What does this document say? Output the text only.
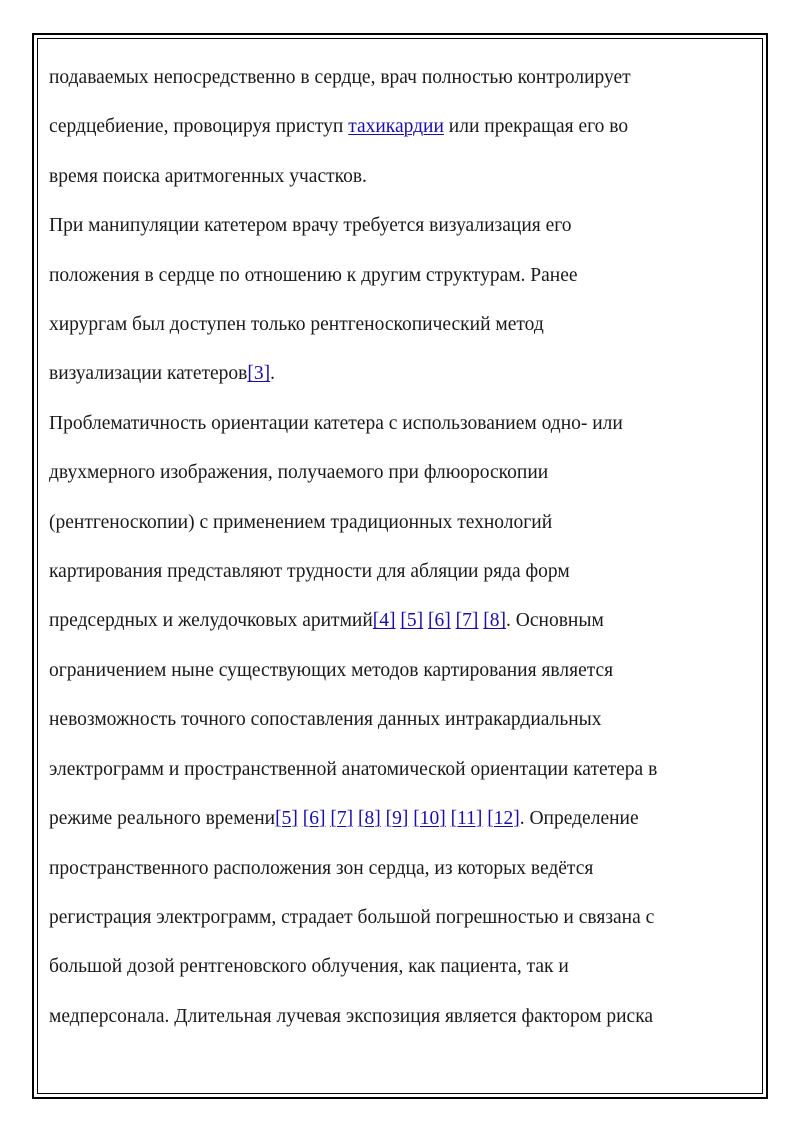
подаваемых непосредственно в сердце, врач полностью контролирует
сердцебиение, провоцируя приступ тахикардии или прекращая его во
время поиска аритмогенных участков.
При манипуляции катетером врачу требуется визуализация его
положения в сердце по отношению к другим структурам. Ранее
хирургам был доступен только рентгеноскопический метод
визуализации катетеров[3].
Проблематичность ориентации катетера с использованием одно- или
двухмерного изображения, получаемого при флюороскопии
(рентгеноскопии) с применением традиционных технологий
картирования представляют трудности для абляции ряда форм
предсердных и желудочковых аритмий[4] [5] [6] [7] [8]. Основным
ограничением ныне существующих методов картирования является
невозможность точного сопоставления данных интракардиальных
электрограмм и пространственной анатомической ориентации катетера в
режиме реального времени[5] [6] [7] [8] [9] [10] [11] [12]. Определение
пространственного расположения зон сердца, из которых ведётся
регистрация электрограмм, страдает большой погрешностью и связана с
большой дозой рентгеновского облучения, как пациента, так и
медперсонала. Длительная лучевая экспозиция является фактором риска
